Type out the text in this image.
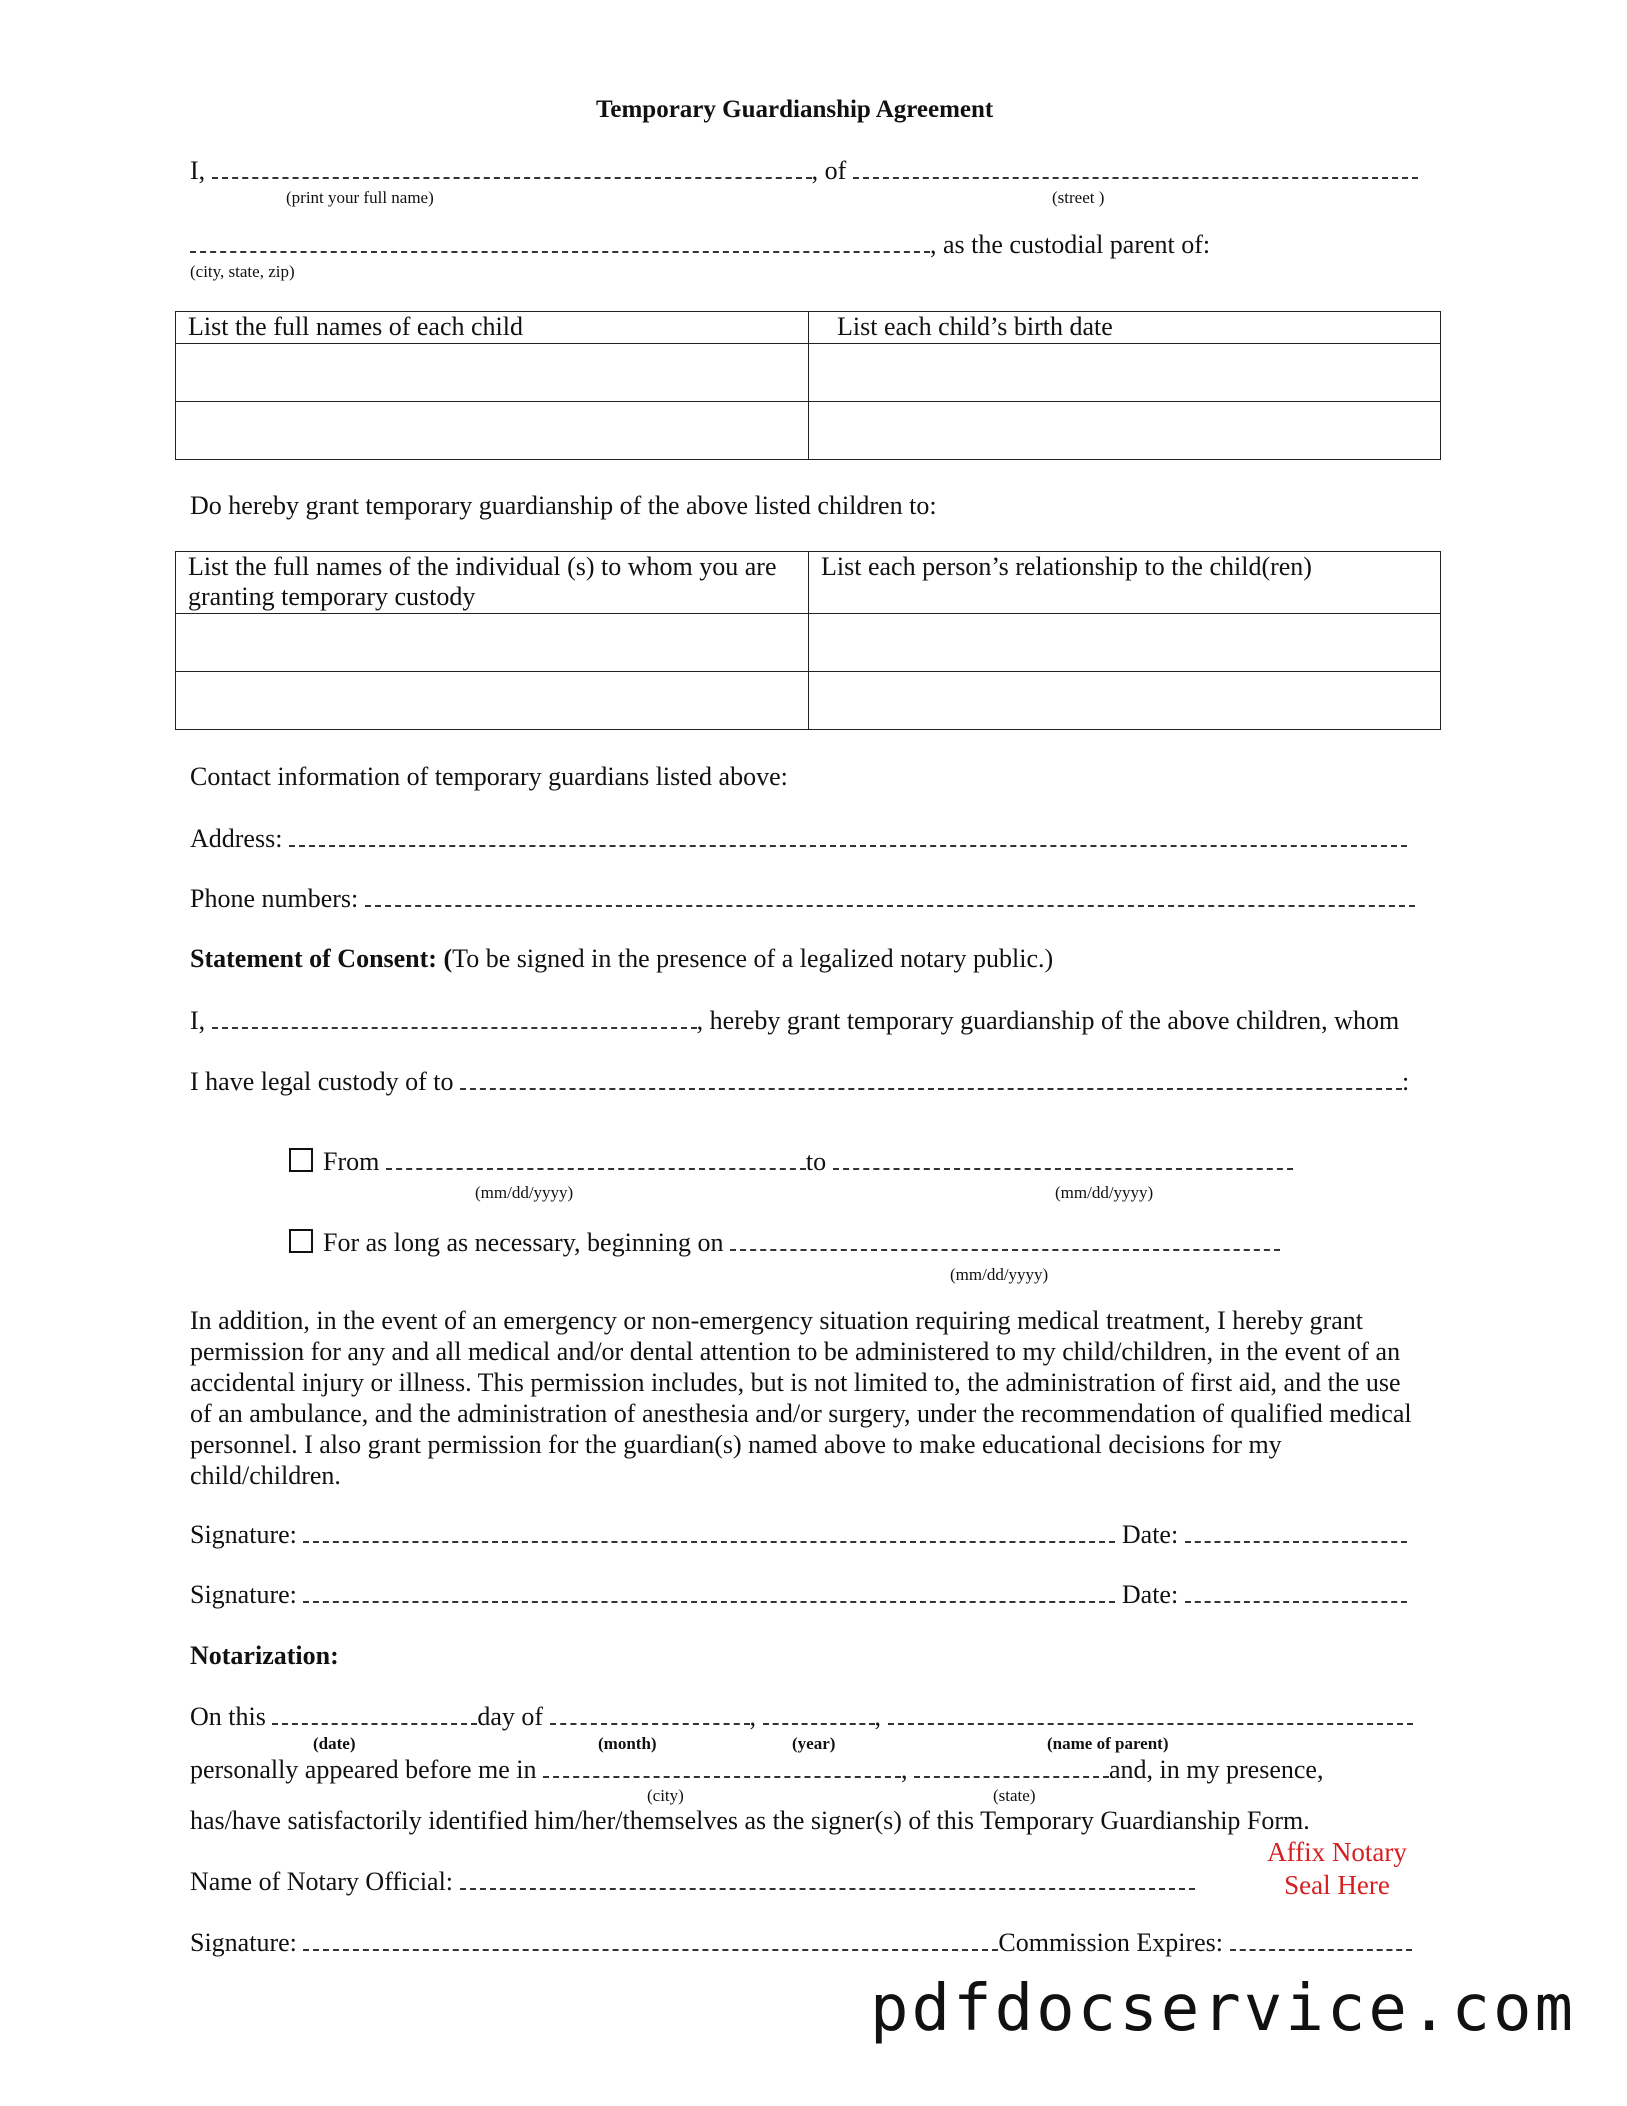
Temporary Guardianship Agreement
I,	, of
(print your full name)	(street )
, as the custodial parent of:
(city, state, zip)
List the full names of each child	List each child’s birth date

Do hereby grant temporary guardianship of the above listed children to:
List the full names of the individual (s) to whom you are
granting temporary custody	List each person’s relationship to the child(ren)

Contact information of temporary guardians listed above:
Address:
Phone numbers:
Statement of Consent: (To be signed in the presence of a legalized notary public.)
I,	, hereby grant temporary guardianship of the above children, whom
I have legal custody of to	:
From	to
(mm/dd/yyyy)	(mm/dd/yyyy)
For as long as necessary, beginning on
(mm/dd/yyyy)
In addition, in the event of an emergency or non-emergency situation requiring medical treatment, I hereby grant permission for any and all medical and/or dental attention to be administered to my child/children, in the event of an accidental injury or illness. This permission includes, but is not limited to, the administration of first aid, and the use of an ambulance, and the administration of anesthesia and/or surgery, under the recommendation of qualified medical personnel. I also grant permission for the guardian(s) named above to make educational decisions for my child/children.
Signature:	Date:
Signature:	Date:
Notarization:
On this	day of	,	,
(date)	(month)	(year)	(name of parent)
personally appeared before me in	,	and, in my presence,
(city)	(state)
has/have satisfactorily identified him/her/themselves as the signer(s) of this Temporary Guardianship Form.
Affix Notary
Seal Here
Name of Notary Official:
Signature:	Commission Expires:
pdfdocservice.com
